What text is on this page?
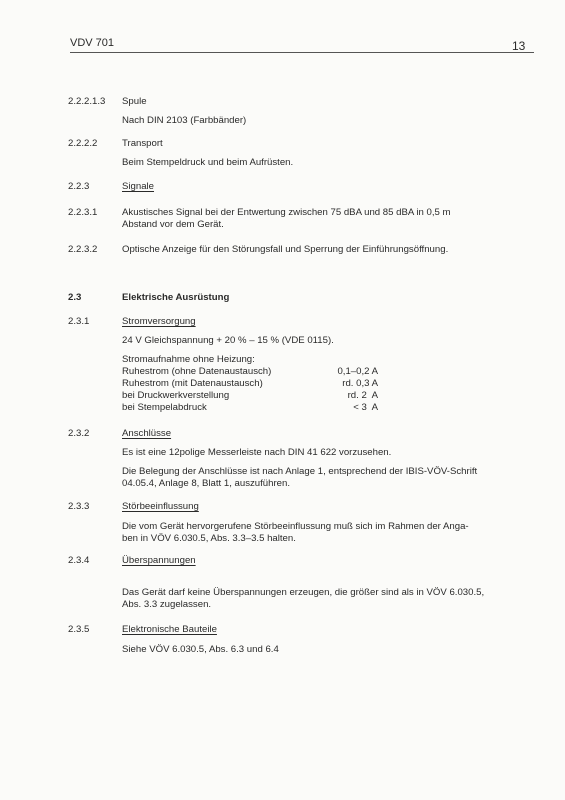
VDV 701	13
2.2.2.1.3 Spule
Nach DIN 2103 (Farbbänder)
2.2.2.2	Transport
Beim Stempeldruck und beim Aufrüsten.
2.2.3	Signale
2.2.3.1	Akustisches Signal bei der Entwertung zwischen 75 dBA und 85 dBA in 0,5 m
Abstand vor dem Gerät.
2.2.3.2	Optische Anzeige für den Störungsfall und Sperrung der Einführungsöffnung.
2.3	Elektrische Ausrüstung
2.3.1	Stromversorgung
24 V Gleichspannung + 20 % – 15 % (VDE 0115).
Stromaufnahme ohne Heizung:
Ruhestrom (ohne Datenaustausch)	0,1–0,2 A
Ruhestrom (mit Datenaustausch)	rd. 0,3 A
bei Druckwerkverstellung	rd. 2  A
bei Stempelabdruck	< 3  A
2.3.2	Anschlüsse
Es ist eine 12polige Messerleiste nach DIN 41 622 vorzusehen.
Die Belegung der Anschlüsse ist nach Anlage 1, entsprechend der IBIS-VÖV-Schrift
04.05.4, Anlage 8, Blatt 1, auszuführen.
2.3.3	Störbeeinflussung
Die vom Gerät hervorgerufene Störbeeinflussung muß sich im Rahmen der Anga-
ben in VÖV 6.030.5, Abs. 3.3–3.5 halten.
2.3.4	Überspannungen
Das Gerät darf keine Überspannungen erzeugen, die größer sind als in VÖV 6.030.5,
Abs. 3.3 zugelassen.
2.3.5	Elektronische Bauteile
Siehe VÖV 6.030.5, Abs. 6.3 und 6.4
